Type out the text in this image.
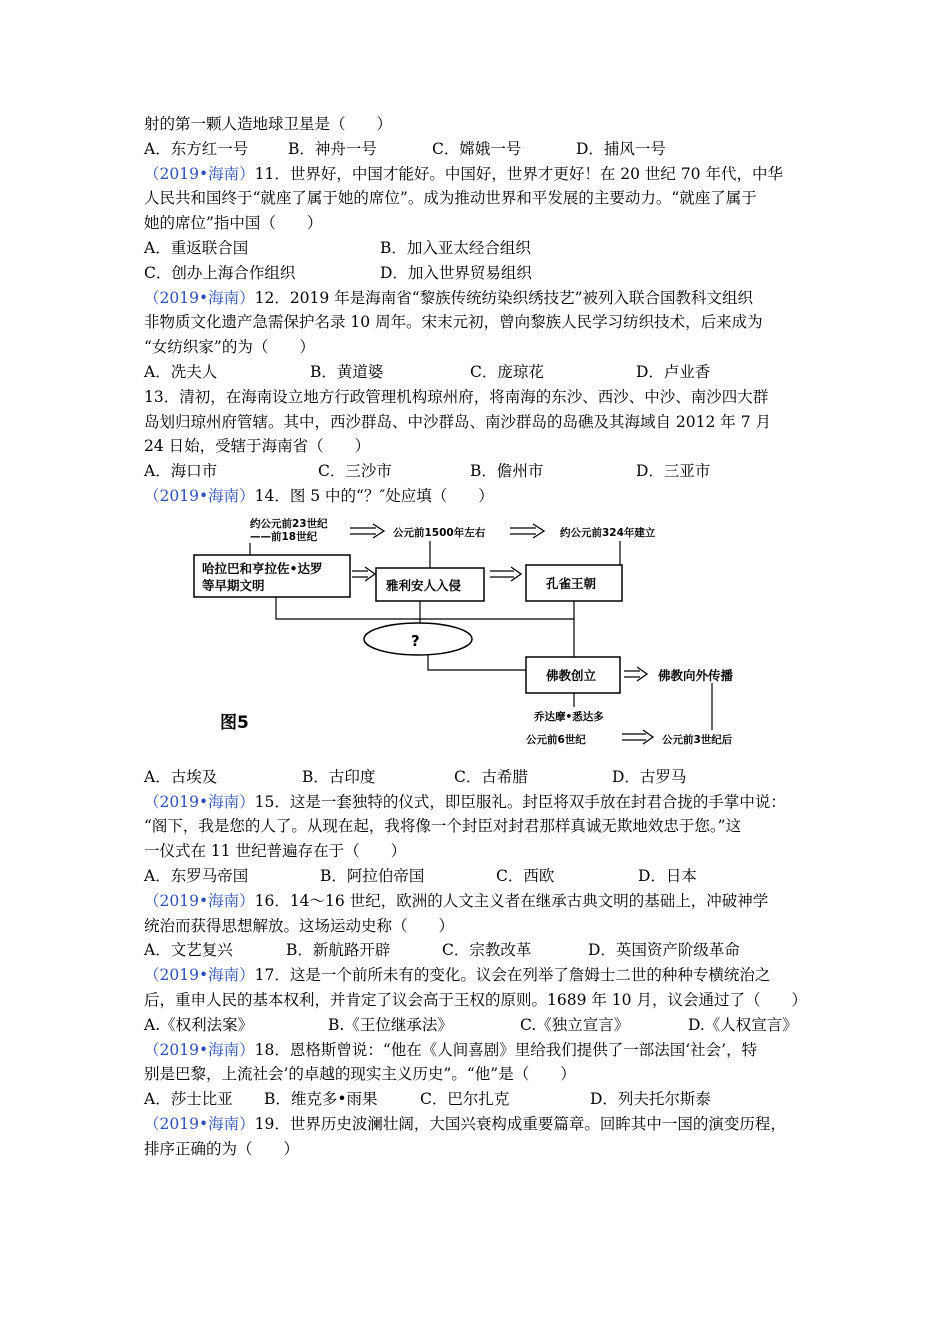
射的第一颗人造地球卫星是（　　）
A．东方红一号	B．神舟一号	C．嫦娥一号	D．捕风一号
（2019•海南）11．世界好，中国才能好。中国好，世界才更好！在 20 世纪 70 年代，中华
人民共和国终于“就座了属于她的席位”。成为推动世界和平发展的主要动力。“就座了属于
她的席位”指中国（　　）
A．重返联合国	B．加入亚太经合组织
C．创办上海合作组织	D．加入世界贸易组织
（2019•海南）12．2019 年是海南省“黎族传统纺染织绣技艺”被列入联合国教科文组织
非物质文化遗产急需保护名录 10 周年。宋末元初，曾向黎族人民学习纺织技术，后来成为
“女纺织家”的为（　　）
A．冼夫人	B．黄道婆	C．庞琼花	D．卢业香
13．清初，在海南设立地方行政管理机构琼州府，将南海的东沙、西沙、中沙、南沙四大群
岛划归琼州府管辖。其中，西沙群岛、中沙群岛、南沙群岛的岛礁及其海域自 2012 年 7 月
24 日始，受辖于海南省（　　）
A．海口市	C．三沙市	B．儋州市	D．三亚市
（2019•海南）14．图 5 中的“？″处应填（　　）
约公元前23世纪
——前18世纪	公元前1500年左右	约公元前324年建立
哈拉巴和亨拉佐•达罗
等早期文明	雅利安人入侵	孔雀王朝
?
佛教创立	佛教向外传播
图5	乔达摩•悉达多
公元前6世纪	公元前3世纪后
A．古埃及	B．古印度	C．古希腊	D．古罗马
（2019•海南）15．这是一套独特的仪式，即臣服礼。封臣将双手放在封君合拢的手掌中说：
“阁下，我是您的人了。从现在起，我将像一个封臣对封君那样真诚无欺地效忠于您。”这
一仪式在 11 世纪普遍存在于（　　）
A．东罗马帝国	B．阿拉伯帝国	C．西欧	D．日本
（2019•海南）16．14～16 世纪，欧洲的人文主义者在继承古典文明的基础上，冲破神学
统治而获得思想解放。这场运动史称（　　）
A．文艺复兴	B．新航路开辟	C．宗教改革	D．英国资产阶级革命
（2019•海南）17．这是一个前所未有的变化。议会在列举了詹姆士二世的种种专横统治之
后，重申人民的基本权利，并肯定了议会高于王权的原则。1689 年 10 月，议会通过了（　　）
A.《权利法案》	B.《王位继承法》	C.《独立宣言》	D.《人权宣言》
（2019•海南）18．恩格斯曾说：“他在《人间喜剧》里给我们提供了一部法国‘社会’，特
别是巴黎，上流社会’的卓越的现实主义历史”。“他”是（　　）
A．莎士比亚	B．维克多•雨果	C．巴尔扎克	D．列夫托尔斯泰
（2019•海南）19．世界历史波澜壮阔，大国兴衰构成重要篇章。回眸其中一国的演变历程，
排序正确的为（　　）
